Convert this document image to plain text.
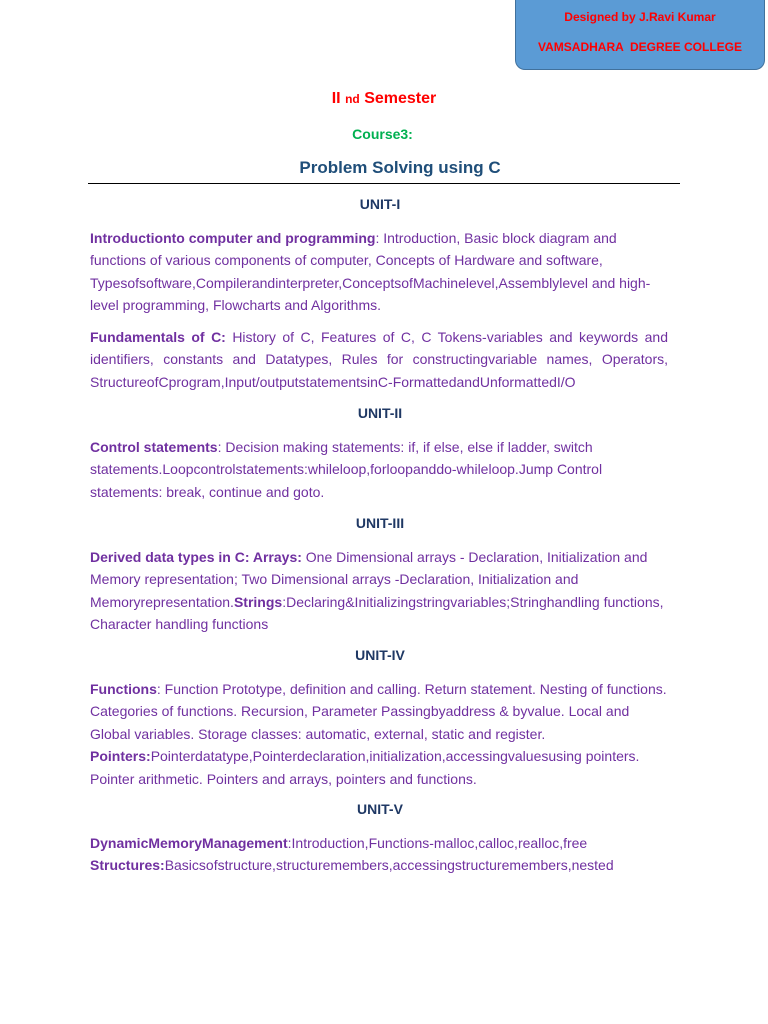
Designed by J.Ravi Kumar
VAMSADHARA  DEGREE COLLEGE
II nd Semester
Course3:
Problem Solving using C
UNIT-I
Introductionto computer and programming: Introduction, Basic block diagram and functions of various components of computer, Concepts of Hardware and software, Typesofsoftware,Compilerandinterpreter,ConceptsofMachinelevel,Assemblylevel and high-level programming, Flowcharts and Algorithms.
Fundamentals of C: History of C, Features of C, C Tokens-variables and keywords and identifiers, constants and Datatypes, Rules for constructingvariable names, Operators, StructureofCprogram,Input/outputstatementsinC-FormattedandUnformattedI/O
UNIT-II
Control statements: Decision making statements: if, if else, else if ladder, switch statements.Loopcontrolstatements:whileloop,forloopanddo-whileloop.Jump Control statements: break, continue and goto.
UNIT-III
Derived data types in C: Arrays: One Dimensional arrays - Declaration, Initialization and Memory representation; Two Dimensional arrays -Declaration, Initialization and Memoryrepresentation.Strings:Declaring&Initializingstringvariables;Stringhandling functions, Character handling functions
UNIT-IV
Functions: Function Prototype, definition and calling. Return statement. Nesting of functions. Categories of functions. Recursion, Parameter Passingbyaddress & byvalue. Local and Global variables. Storage classes: automatic, external, static and register.
Pointers:Pointerdatatype,Pointerdeclaration,initialization,accessingvaluesusing pointers. Pointer arithmetic. Pointers and arrays, pointers and functions.
UNIT-V
DynamicMemoryManagement:Introduction,Functions-malloc,calloc,realloc,free
Structures:Basicsofstructure,structuremembers,accessingstructuremembers,nested
